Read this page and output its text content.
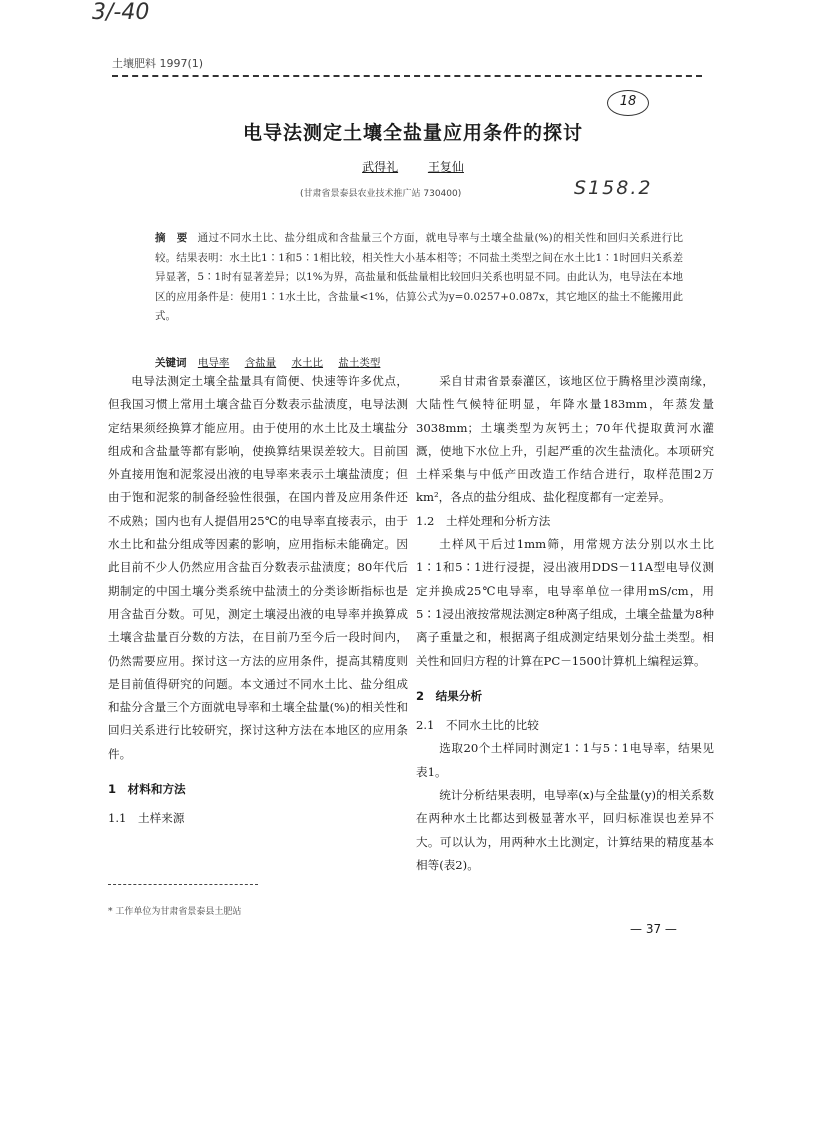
3/-40
土壤肥料 1997(1)
18
电导法测定土壤全盐量应用条件的探讨
武得礼 王复仙
(甘肃省景泰县农业技术推广站 730400)	S158.2
摘　要 通过不同水土比、盐分组成和含盐量三个方面，就电导率与土壤全盐量(%)的相关性和回归关系进行比较。结果表明：水土比1∶1和5∶1相比较，相关性大小基本相等；不同盐土类型之间在水土比1∶1时回归关系差异显著，5∶1时有显著差异；以1%为界，高盐量和低盐量相比较回归关系也明显不同。由此认为，电导法在本地区的应用条件是：使用1∶1水土比，含盐量<1%，估算公式为y=0.0257+0.087x，其它地区的盐土不能搬用此式。
关键词 电导率 含盐量 水土比 盐土类型

电导法测定土壤全盐量具有简便、快速等许多优点，但我国习惯上常用土壤含盐百分数表示盐渍度，电导法测定结果须经换算才能应用。由于使用的水土比及土壤盐分组成和含盐量等都有影响，使换算结果误差较大。目前国外直接用饱和泥浆浸出液的电导率来表示土壤盐渍度；但由于饱和泥浆的制备经验性很强，在国内普及应用条件还不成熟；国内也有人提倡用25℃的电导率直接表示，由于水土比和盐分组成等因素的影响，应用指标未能确定。因此目前不少人仍然应用含盐百分数表示盐渍度；80年代后期制定的中国土壤分类系统中盐渍土的分类诊断指标也是用含盐百分数。可见，测定土壤浸出液的电导率并换算成土壤含盐量百分数的方法，在目前乃至今后一段时间内，仍然需要应用。探讨这一方法的应用条件，提高其精度则是目前值得研究的问题。本文通过不同水土比、盐分组成和盐分含量三个方面就电导率和土壤全盐量(%)的相关性和回归关系进行比较研究，探讨这种方法在本地区的应用条件。

1　材料和方法
1.1　土样来源

采自甘肃省景泰灌区，该地区位于腾格里沙漠南缘，大陆性气候特征明显，年降水量183mm，年蒸发量3038mm；土壤类型为灰钙土；70年代提取黄河水灌溉，使地下水位上升，引起严重的次生盐渍化。本项研究土样采集与中低产田改造工作结合进行，取样范围2万km²，各点的盐分组成、盐化程度都有一定差异。

1.2　土样处理和分析方法

土样风干后过1mm筛，用常规方法分别以水土比1∶1和5∶1进行浸提，浸出液用DDS－11A型电导仪测定并换成25℃电导率，电导率单位一律用mS/cm，用5∶1浸出液按常规法测定8种离子组成，土壤全盐量为8种离子重量之和，根据离子组成测定结果划分盐土类型。相关性和回归方程的计算在PC－1500计算机上编程运算。

2　结果分析
2.1　不同水土比的比较

选取20个土样同时测定1∶1与5∶1电导率，结果见表1。

统计分析结果表明，电导率(x)与全盐量(y)的相关系数在两种水土比都达到极显著水平，回归标准误也差异不大。可以认为，用两种水土比测定，计算结果的精度基本相等(表2)。

* 工作单位为甘肃省景泰县土肥站
— 37 —
